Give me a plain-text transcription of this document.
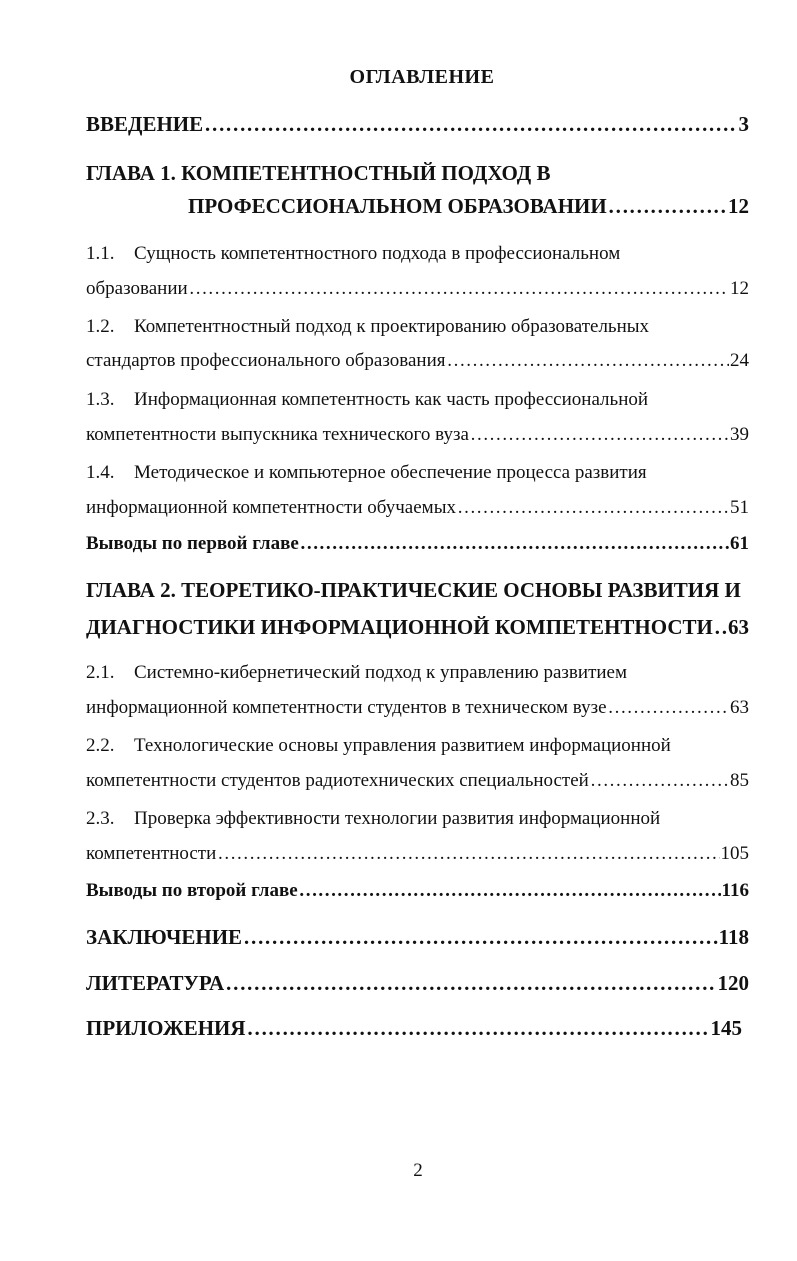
ОГЛАВЛЕНИЕ
ВВЕДЕНИЕ …………………………………………………………………………………………………………………………………………………………	3
ГЛАВА 1. КОМПЕТЕНТНОСТНЫЙ ПОДХОД В
ПРОФЕССИОНАЛЬНОМ ОБРАЗОВАНИИ …………………………………………………………………………………………………………………………………………………………	12
1.1. Сущность компетентностного подхода в профессиональном
образовании …………………………………………………………………………………………………………………………………………………………	12
1.2. Компетентностный подход к проектированию образовательных
стандартов профессионального образования …………………………………………………………………………………………………………………………………………………………	24
1.3. Информационная компетентность как часть профессиональной
компетентности выпускника технического вуза …………………………………………………………………………………………………………………………………………………………	39
1.4. Методическое и компьютерное обеспечение процесса развития
информационной компетентности обучаемых …………………………………………………………………………………………………………………………………………………………	51
Выводы по первой главе …………………………………………………………………………………………………………………………………………………………	61
ГЛАВА 2. ТЕОРЕТИКО-ПРАКТИЧЕСКИЕ ОСНОВЫ РАЗВИТИЯ И
ДИАГНОСТИКИ ИНФОРМАЦИОННОЙ КОМПЕТЕНТНОСТИ ………………………………………………………………………………………………………………………………………………………… 63
2.1. Системно-кибернетический подход к управлению развитием
информационной компетентности студентов в техническом вузе …………………………………………………………………………………………………………………………………………………………	63
2.2. Технологические основы управления развитием информационной
компетентности студентов радиотехнических специальностей …………………………………………………………………………………………………………………………………………………………	85
2.3. Проверка эффективности технологии развития информационной
компетентности …………………………………………………………………………………………………………………………………………………………	105
Выводы по второй главе …………………………………………………………………………………………………………………………………………………………	116
ЗАКЛЮЧЕНИЕ …………………………………………………………………………………………………………………………………………………………	118
ЛИТЕРАТУРА …………………………………………………………………………………………………………………………………………………………	120
ПРИЛОЖЕНИЯ …………………………………………………………………………………………………………………………………………………………	145
2
